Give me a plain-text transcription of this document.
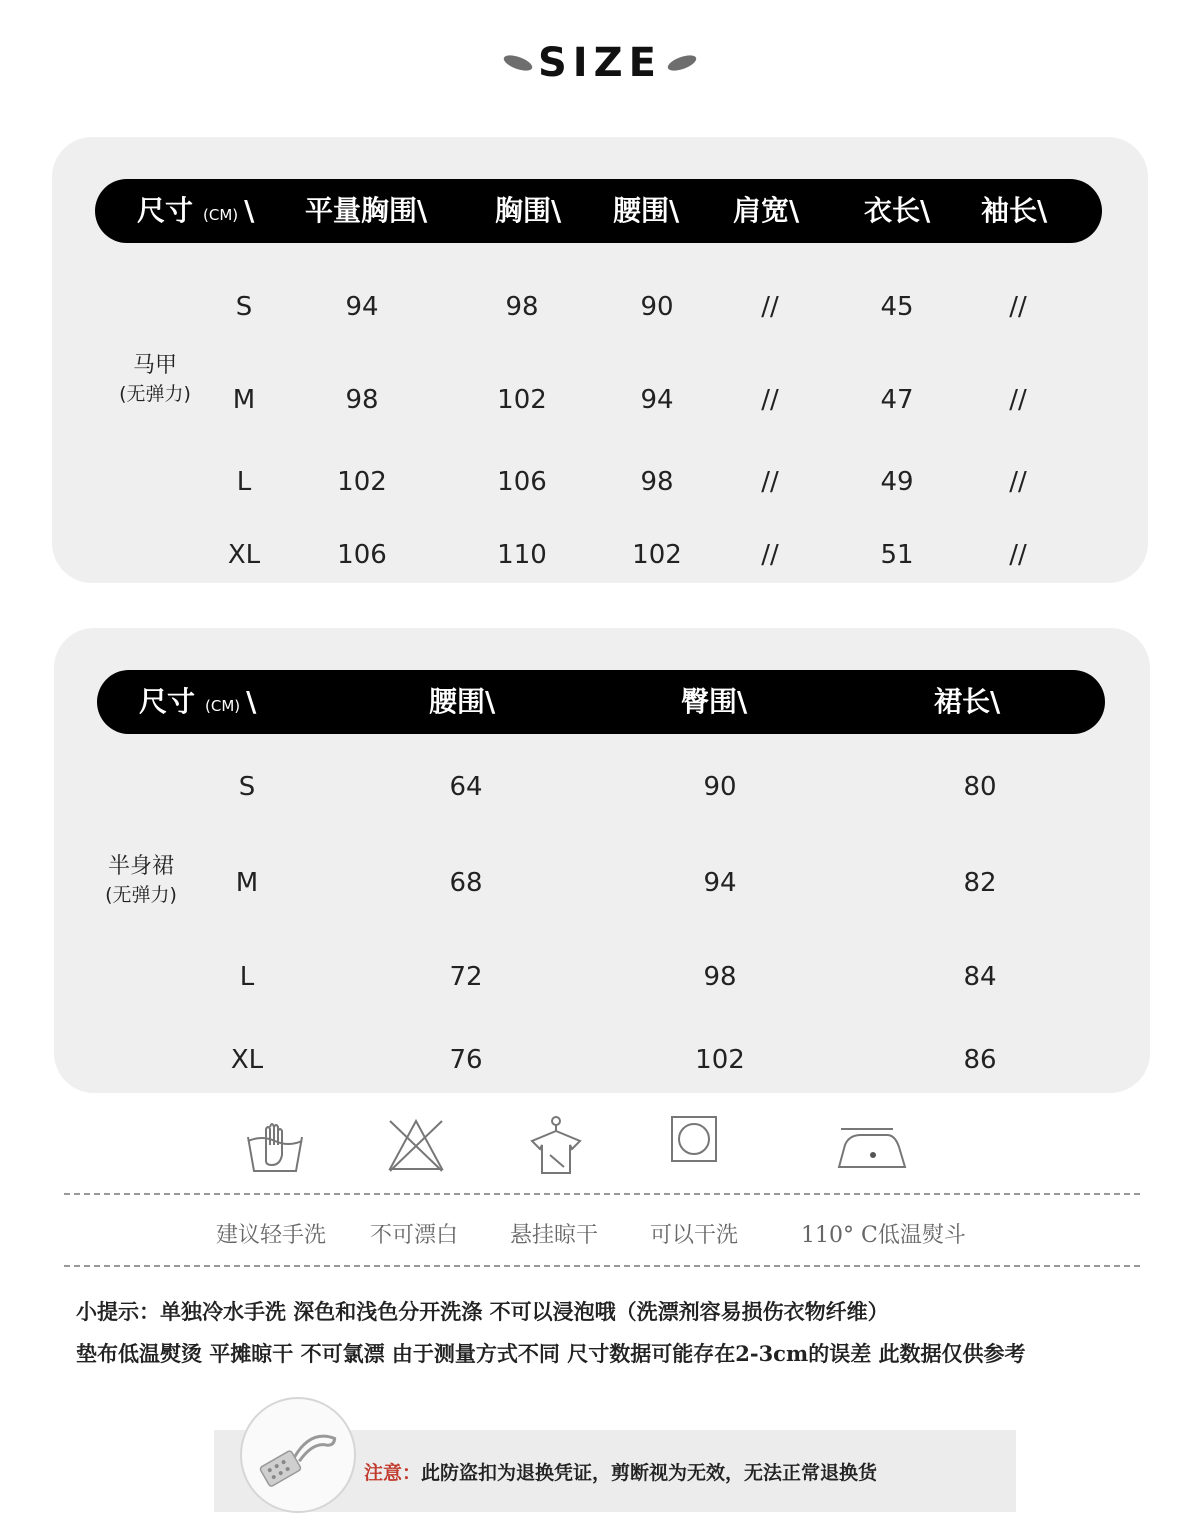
SIZE
尺寸 (CM) \ 平量胸围\ 胸围\ 腰围\ 肩宽\ 衣长\ 袖长\
马甲
(无弹力)
S	94	98	90	//	45	//
M	98	102	94	//	47	//
L	102	106	98	//	49	//
XL	106	110	102	//	51	//
尺寸 (CM) \	腰围\	臀围\	裙长\
半身裙
(无弹力)
S	64	90	80
M	68	94	82
L	72	98	84
XL	76	102	86
建议轻手洗 不可漂白 悬挂晾干 可以干洗	110° C低温熨斗
小提示：单独冷水手洗 深色和浅色分开洗涤 不可以浸泡哦（洗漂剂容易损伤衣物纤维）
垫布低温熨烫 平摊晾干 不可氯漂 由于测量方式不同 尺寸数据可能存在2-3cm的误差 此数据仅供参考
注意：此防盗扣为退换凭证，剪断视为无效，无法正常退换货
